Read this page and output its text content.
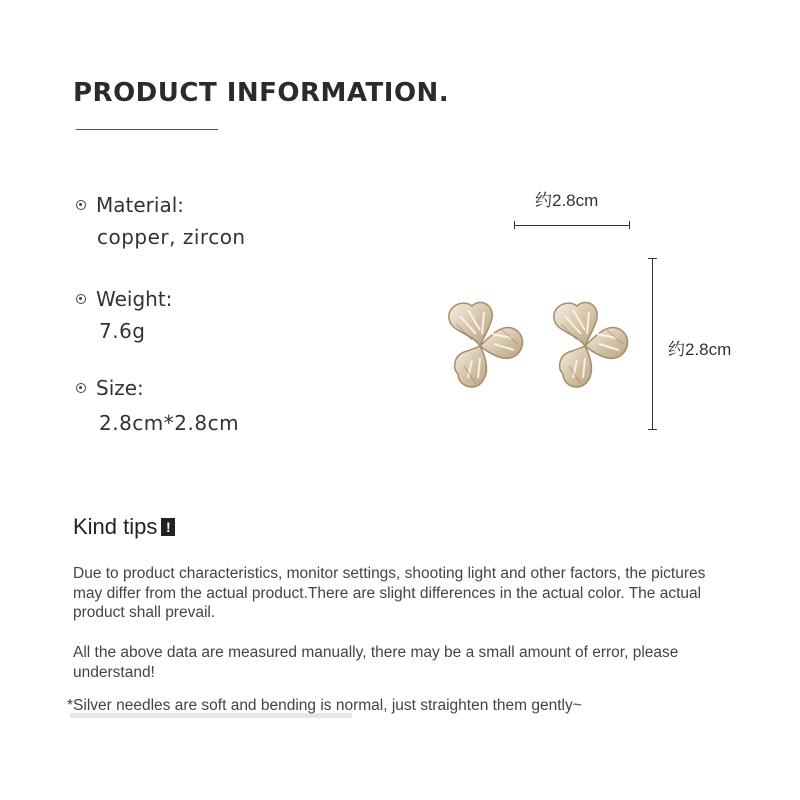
PRODUCT INFORMATION.
Material:
copper, zircon
Weight:
7.6g
Size:
2.8cm*2.8cm
约2.8cm
约2.8cm
Kind tips !
Due to product characteristics, monitor settings, shooting light and other factors, the pictures may differ from the actual product.There are slight differences in the actual color. The actual product shall prevail.
All the above data are measured manually, there may be a small amount of error, please understand!
*Silver needles are soft and bending is normal, just straighten them gently~
